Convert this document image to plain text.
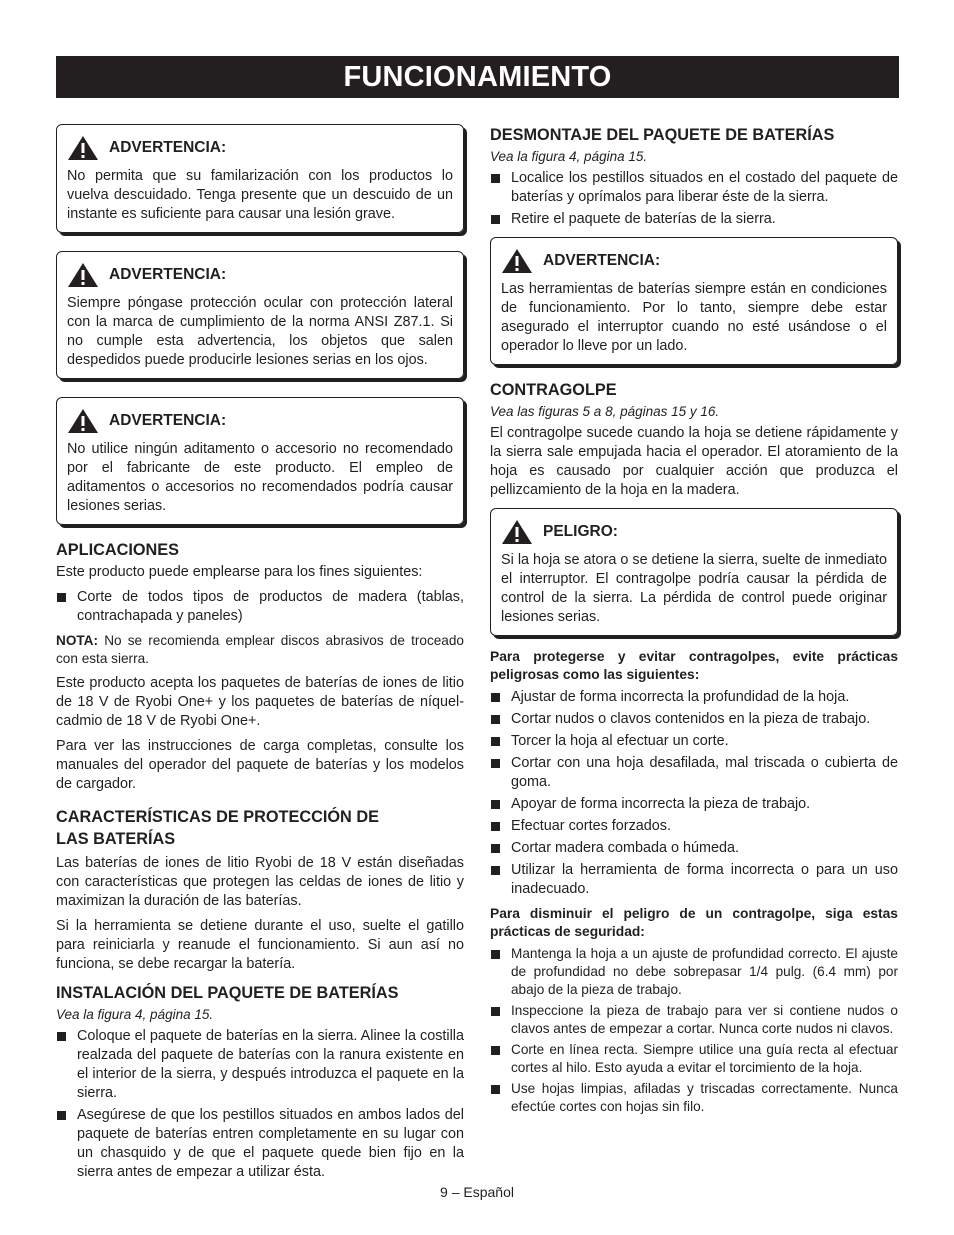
FUNCIONAMIENTO
ADVERTENCIA:
No permita que su familarización con los productos lo vuelva descuidado. Tenga presente que un descuido de un instante es suficiente para causar una lesión grave.
ADVERTENCIA:
Siempre póngase protección ocular con protección lateral con la marca de cumplimiento de la norma ANSI Z87.1. Si no cumple esta advertencia, los objetos que salen despedidos puede producirle lesiones serias en los ojos.
ADVERTENCIA:
No utilice ningún aditamento o accesorio no recomendado por el fabricante de este producto. El empleo de aditamentos o accesorios no recomendados podría causar lesiones serias.
APLICACIONES

Este producto puede emplearse para los fines siguientes:

Corte de todos tipos de productos de madera (tablas, contrachapada y paneles)

NOTA: No se recomienda emplear discos abrasivos de troceado con esta sierra.

Este producto acepta los paquetes de baterías de iones de litio de 18 V de Ryobi One+ y los paquetes de baterías de níquel-cadmio de 18 V de Ryobi One+.

Para ver las instrucciones de carga completas, consulte los manuales del operador del paquete de baterías y los modelos de cargador.

CARACTERÍSTICAS DE PROTECCIÓN DE
LAS BATERÍAS

Las baterías de iones de litio Ryobi de 18 V están diseñadas con características que protegen las celdas de iones de litio y maximizan la duración de las baterías.

Si la herramienta se detiene durante el uso, suelte el gatillo para reiniciarla y reanude el funcionamiento. Si aun así no funciona, se debe recargar la batería.

INSTALACIÓN DEL PAQUETE DE BATERÍAS
Vea la figura 4, página 15.
Coloque el paquete de baterías en la sierra. Alinee la costilla realzada del paquete de baterías con la ranura existente en el interior de la sierra, y después introduzca el paquete en la sierra.
Asegúrese de que los pestillos situados en ambos lados del paquete de baterías entren completamente en su lugar con un chasquido y de que el paquete quede bien fijo en la sierra antes de empezar a utilizar ésta.
DESMONTAJE DEL PAQUETE DE BATERÍAS
Vea la figura 4, página 15.
Localice los pestillos situados en el costado del paquete de baterías y oprímalos para liberar éste de la sierra.
Retire el paquete de baterías de la sierra.
ADVERTENCIA:
Las herramientas de baterías siempre están en condiciones de funcionamiento. Por lo tanto, siempre debe estar asegurado el interruptor cuando no esté usándose o el operador lo lleve por un lado.
CONTRAGOLPE
Vea las figuras 5 a 8, páginas 15 y 16.

El contragolpe sucede cuando la hoja se detiene rápidamente y la sierra sale empujada hacia el operador. El atoramiento de la hoja es causado por cualquier acción que produzca el pellizcamiento de la hoja en la madera.

PELIGRO:
Si la hoja se atora o se detiene la sierra, suelte de inmediato el interruptor. El contragolpe podría causar la pérdida de control de la sierra. La pérdida de control puede originar lesiones serias.
Para protegerse y evitar contragolpes, evite prácticas peligrosas como las siguientes:
Ajustar de forma incorrecta la profundidad de la hoja.
Cortar nudos o clavos contenidos en la pieza de trabajo.
Torcer la hoja al efectuar un corte.
Cortar con una hoja desafilada, mal triscada o cubierta de goma.
Apoyar de forma incorrecta la pieza de trabajo.
Efectuar cortes forzados.
Cortar madera combada o húmeda.
Utilizar la herramienta de forma incorrecta o para un uso inadecuado.
Para disminuir el peligro de un contragolpe, siga estas prácticas de seguridad:
Mantenga la hoja a un ajuste de profundidad correcto. El ajuste de profundidad no debe sobrepasar 1/4 pulg. (6.4 mm) por abajo de la pieza de trabajo.
Inspeccione la pieza de trabajo para ver si contiene nudos o clavos antes de empezar a cortar. Nunca corte nudos ni clavos.
Corte en línea recta. Siempre utilice una guía recta al efectuar cortes al hilo. Esto ayuda a evitar el torcimiento de la hoja.
Use hojas limpias, afiladas y triscadas correctamente. Nunca efectúe cortes con hojas sin filo.
9 – Español
